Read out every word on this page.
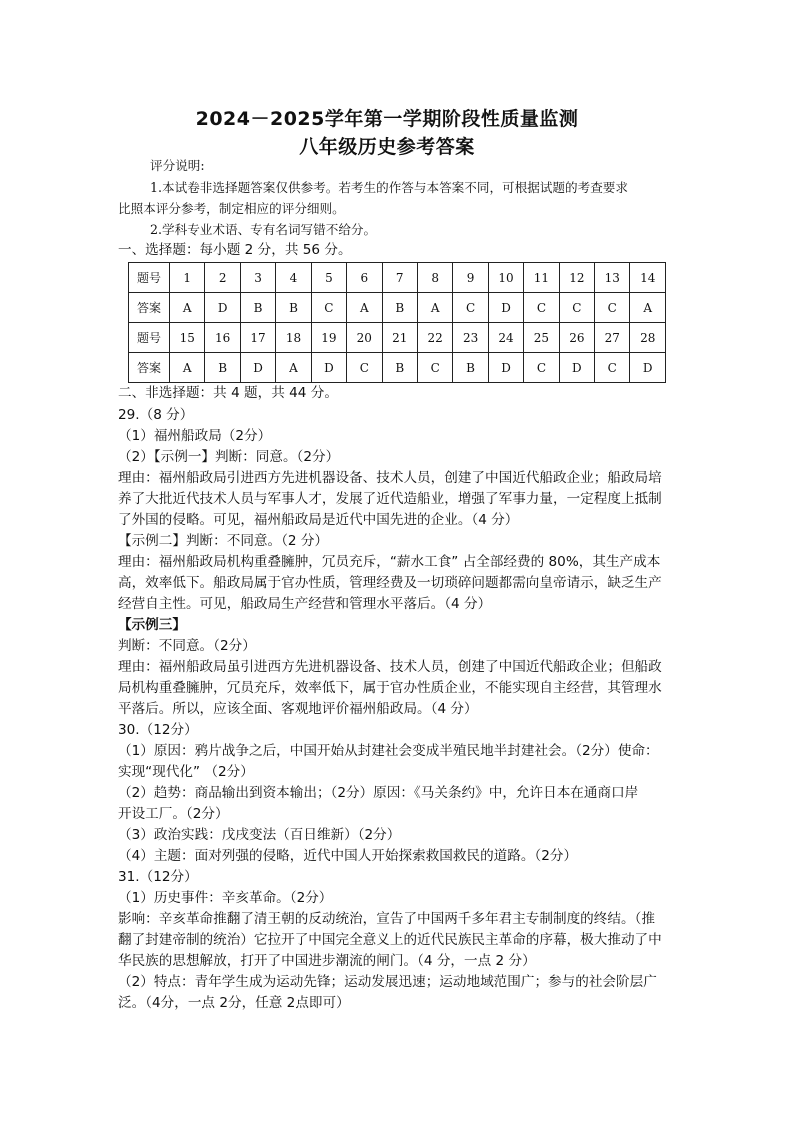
2024－2025学年第一学期阶段性质量监测
八年级历史参考答案
评分说明:
1.本试卷非选择题答案仅供参考。若考生的作答与本答案不同，可根据试题的考查要求
比照本评分参考，制定相应的评分细则。
2.学科专业术语、专有名词写错不给分。
一、选择题：每小题 2 分，共 56 分。
题号	1	2	3	4	5	6	7	8	9	10	11	12	13	14
答案	A	D	B	B	C	A	B	A	C	D	C	C	C	A
题号	15	16	17	18	19	20	21	22	23	24	25	26	27	28
答案	A	B	D	A	D	C	B	C	B	D	C	D	C	D
二、非选择题：共 4 题，共 44 分。
29.（8 分）
（1）福州船政局（2分）
（2）【示例一】判断：同意。（2分）
理由：福州船政局引进西方先进机器设备、技术人员，创建了中国近代船政企业；船政局培
养了大批近代技术人员与军事人才，发展了近代造船业，增强了军事力量，一定程度上抵制
了外国的侵略。可见，福州船政局是近代中国先进的企业。（4 分）
【示例二】判断：不同意。（2 分）
理由：福州船政局机构重叠臃肿，冗员充斥，“薪水工食” 占全部经费的 80%，其生产成本
高，效率低下。船政局属于官办性质，管理经费及一切琐碎问题都需向皇帝请示，缺乏生产
经营自主性。可见，船政局生产经营和管理水平落后。（4 分）
【示例三】
判断：不同意。（2分）
理由：福州船政局虽引进西方先进机器设备、技术人员，创建了中国近代船政企业；但船政
局机构重叠臃肿，冗员充斥，效率低下，属于官办性质企业，不能实现自主经营，其管理水
平落后。所以，应该全面、客观地评价福州船政局。（4 分）
30.（12分）
（1）原因：鸦片战争之后，中国开始从封建社会变成半殖民地半封建社会。（2分）使命：
实现“现代化” （2分）
（2）趋势：商品输出到资本输出；（2分）原因：《马关条约》中，允许日本在通商口岸
开设工厂。（2分）
（3）政治实践：戊戌变法（百日维新）（2分）
（4）主题：面对列强的侵略，近代中国人开始探索救国救民的道路。（2分）
31.（12分）
（1）历史事件：辛亥革命。（2分）
影响：辛亥革命推翻了清王朝的反动统治，宣告了中国两千多年君主专制制度的终结。（推
翻了封建帝制的统治）它拉开了中国完全意义上的近代民族民主革命的序幕，极大推动了中
华民族的思想解放，打开了中国进步潮流的闸门。（4 分，一点 2 分）
（2）特点：青年学生成为运动先锋；运动发展迅速；运动地域范围广；参与的社会阶层广
泛。（4分，一点 2分，任意 2点即可）
